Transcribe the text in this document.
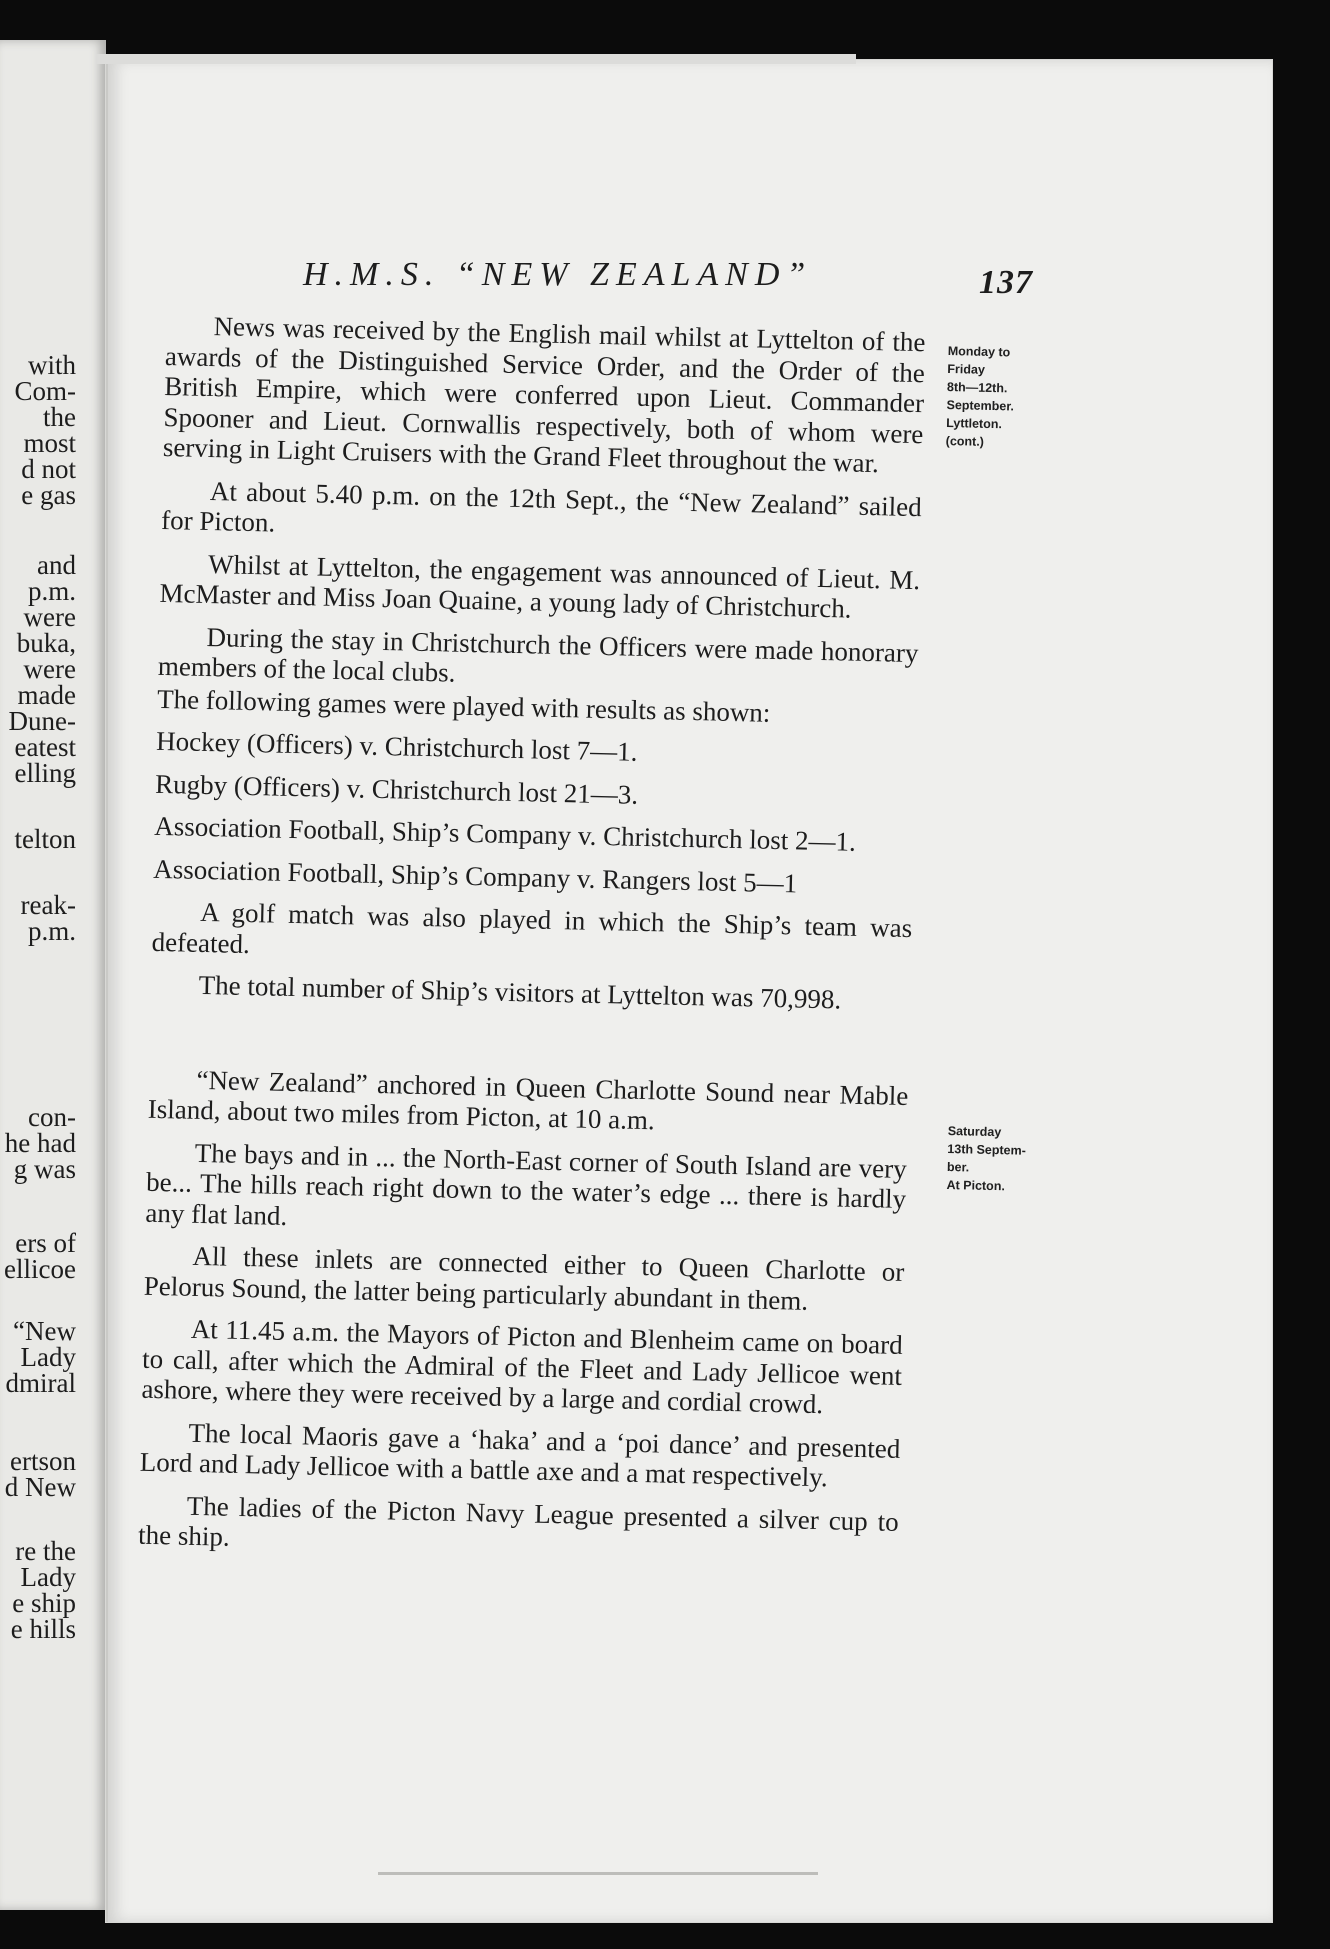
with
Com-
the
most
d not
e gas
and
p.m.
were
buka,
were
made
Dune-
eatest
elling
telton
reak-
p.m.
con-
he had
g was
ers of
ellicoe
“New
Lady
dmiral
ertson
d New
re the
Lady
e ship
e hills
H.M.S. “NEW ZEALAND”	137
Monday to
Friday
8th—12th.
September.
Lyttleton.
(cont.)
Saturday
13th Septem-
ber.
At Picton.

News was received by the English mail whilst at Lyttelton of the awards of the Distinguished Service Order, and the Order of the British Empire, which were conferred upon Lieut. Commander Spooner and Lieut. Cornwallis respectively, both of whom were serving in Light Cruisers with the Grand Fleet throughout the war.

At about 5.40 p.m. on the 12th Sept., the “New Zealand” sailed for Picton.

Whilst at Lyttelton, the engagement was announced of Lieut. M. McMaster and Miss Joan Quaine, a young lady of Christchurch.

During the stay in Christchurch the Officers were made honorary members of the local clubs.

The following games were played with results as shown:

Hockey (Officers) v. Christchurch lost 7—1.

Rugby (Officers) v. Christchurch lost 21—3.

Association Football, Ship’s Company v. Christchurch lost 2—1.

Association Football, Ship’s Company v. Rangers lost 5—1

A golf match was also played in which the Ship’s team was defeated.

The total number of Ship’s visitors at Lyttelton was 70,998.

“New Zealand” anchored in Queen Charlotte Sound near Mable Island, about two miles from Picton, at 10 a.m.

The bays and in ... the North-East corner of South Island are very be... The hills reach right down to the water’s edge ... there is hardly any flat land.

All these inlets are connected either to Queen Charlotte or Pelorus Sound, the latter being particularly abundant in them.

At 11.45 a.m. the Mayors of Picton and Blenheim came on board to call, after which the Admiral of the Fleet and Lady Jellicoe went ashore, where they were received by a large and cordial crowd.

The local Maoris gave a ‘haka’ and a ‘poi dance’ and presented Lord and Lady Jellicoe with a battle axe and a mat respectively.

The ladies of the Picton Navy League presented a silver cup to the ship.
